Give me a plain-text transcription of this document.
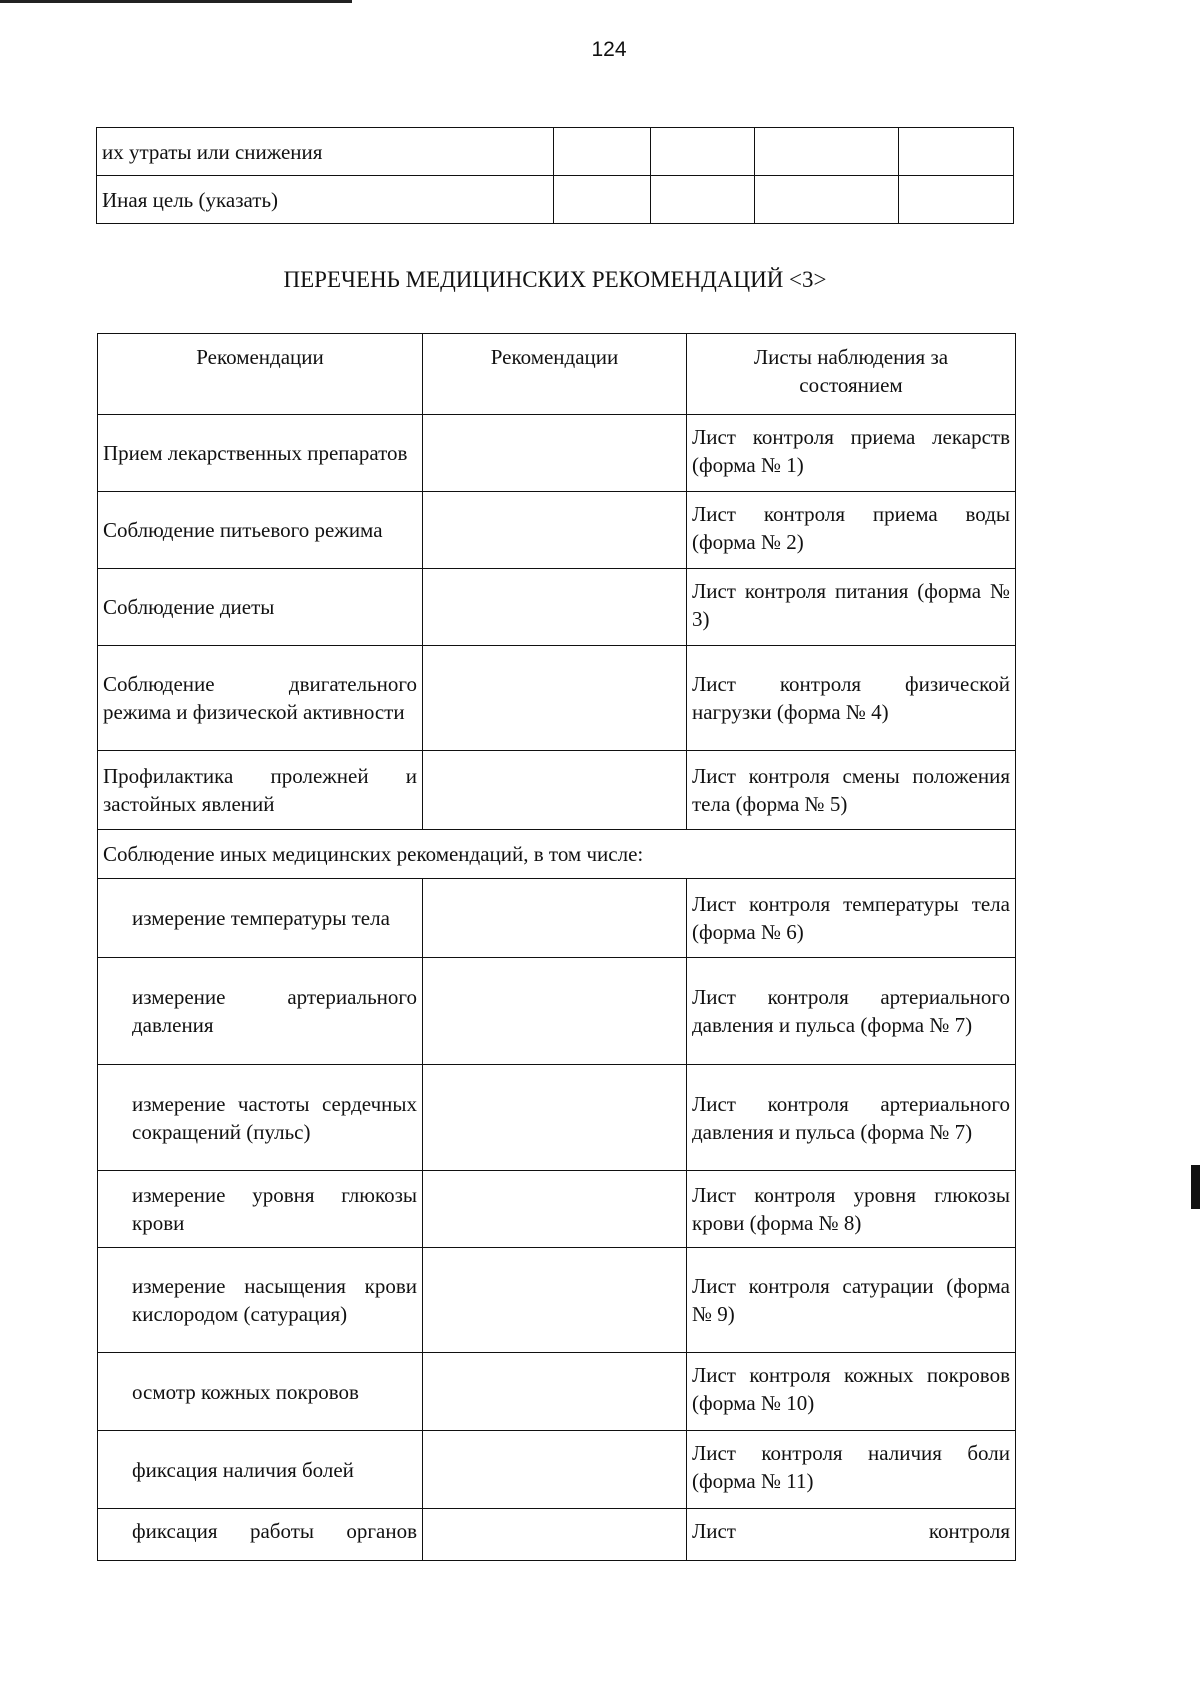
124
их утраты или снижения				
Иная цель (указать)				
ПЕРЕЧЕНЬ МЕДИЦИНСКИХ РЕКОМЕНДАЦИЙ <3>
Рекомендации	Рекомендации	Листы наблюдения за состоянием
Прием лекарственных препаратов		Лист контроля приема лекарств (форма № 1)
Соблюдение питьевого режима		Лист контроля приема воды (форма № 2)
Соблюдение диеты		Лист контроля питания (форма № 3)
Соблюдение двигательного режима и физической активности		Лист контроля физической нагрузки (форма № 4)
Профилактика пролежней и застойных явлений		Лист контроля смены положения тела (форма № 5)
Соблюдение иных медицинских рекомендаций, в том числе:		
измерение температуры тела		Лист контроля температуры тела (форма № 6)
измерение артериального давления		Лист контроля артериального давления и пульса (форма № 7)
измерение частоты сердечных сокращений (пульс)		Лист контроля артериального давления и пульса (форма № 7)
измерение уровня глюкозы крови		Лист контроля уровня глюкозы крови (форма № 8)
измерение насыщения крови кислородом (сатурация)		Лист контроля сатурации (форма № 9)
осмотр кожных покровов		Лист контроля кожных покровов (форма № 10)
фиксация наличия болей		Лист контроля наличия боли (форма № 11)
фиксация работы органов		Лист контроля
